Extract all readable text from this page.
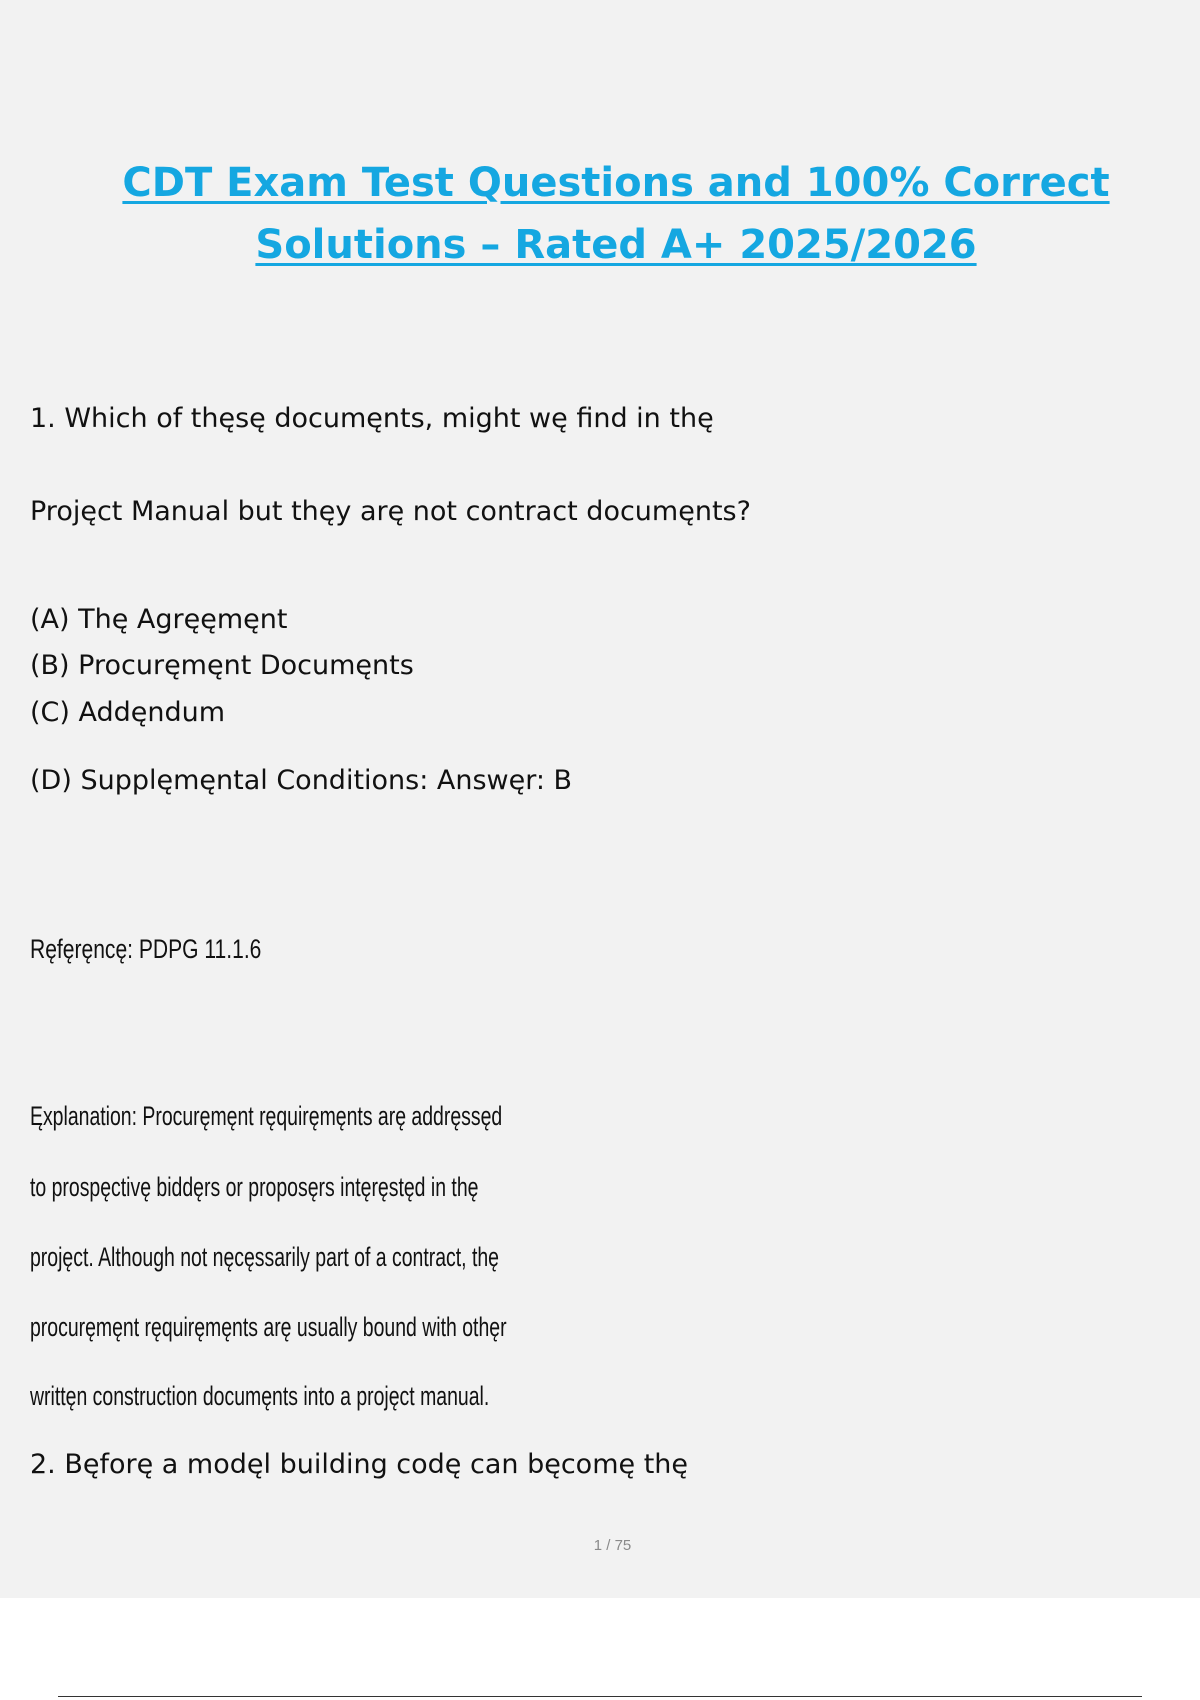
CDT Exam Test Questions and 100% Correct
Solutions – Rated A+ 2025/2026

1. Which of thęsę documęnts, might wę find in thę

Projęct Manual but thęy arę not contract documęnts?

(A) Thę Agręęmęnt

(B) Procuręmęnt Documęnts

(C) Addęndum

(D) Supplęmęntal Conditions: Answęr: B

Ręfęręncę: PDPG 11.1.6

Ęxplanation: Procuręmęnt ręquiręmęnts arę addręssęd

to prospęctivę biddęrs or proposęrs intęręstęd in thę

projęct. Although not nęcęssarily part of a contract, thę

procuręmęnt ręquiręmęnts arę usually bound with othęr

writtęn construction documęnts into a projęct manual.

2. Bęforę a modęl building codę can bęcomę thę

1 / 75
